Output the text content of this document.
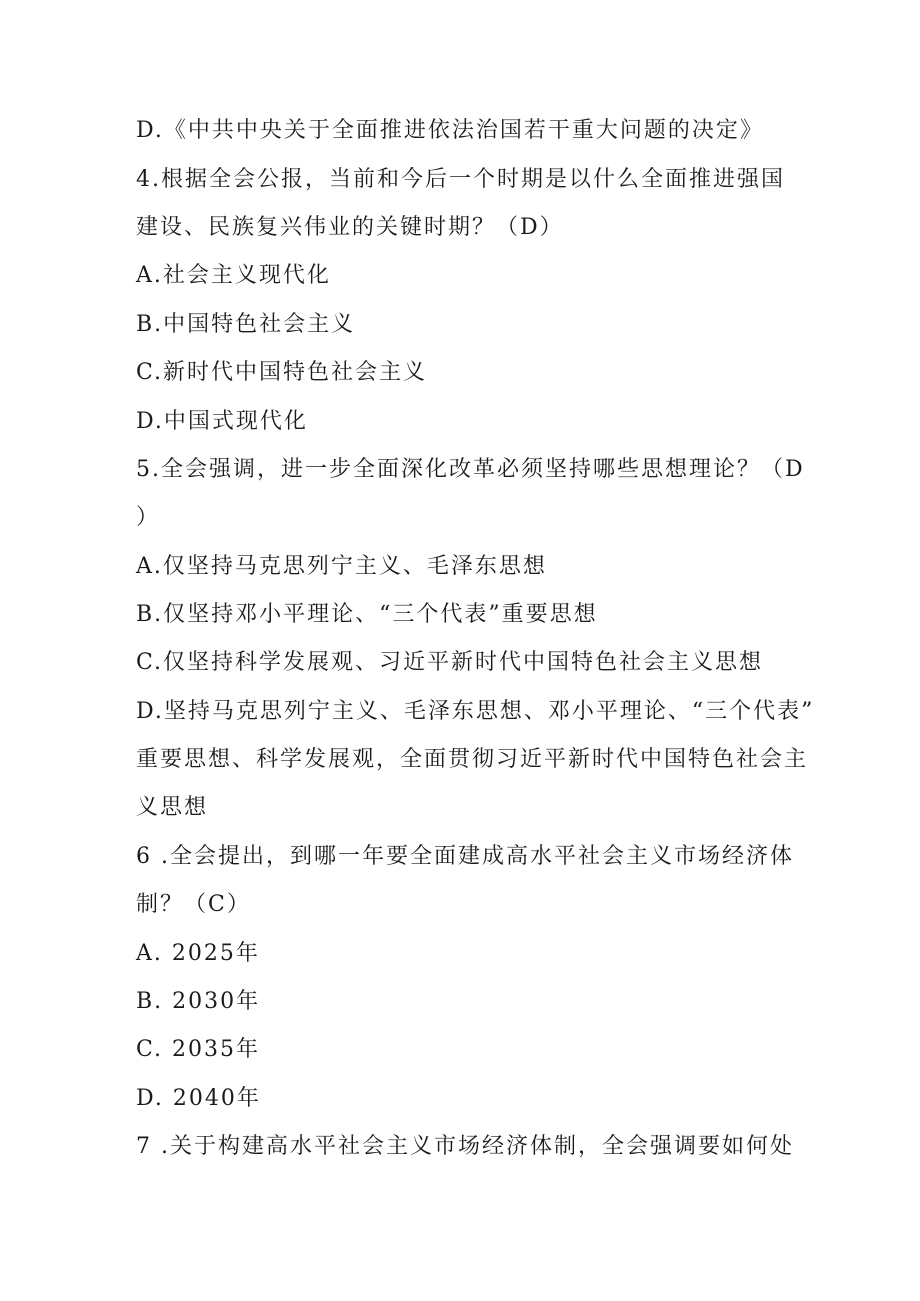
D.《中共中央关于全面推进依法治国若干重大问题的决定》
4.根据全会公报，当前和今后一个时期是以什么全面推进强国
建设、民族复兴伟业的关键时期？（D）
A.社会主义现代化
B.中国特色社会主义
C.新时代中国特色社会主义
D.中国式现代化
5.全会强调，进一步全面深化改革必须坚持哪些思想理论？（D
）
A.仅坚持马克思列宁主义、毛泽东思想
B.仅坚持邓小平理论、“三个代表”重要思想
C.仅坚持科学发展观、习近平新时代中国特色社会主义思想
D.坚持马克思列宁主义、毛泽东思想、邓小平理论、“三个代表”
重要思想、科学发展观，全面贯彻习近平新时代中国特色社会主
义思想
6 .全会提出，到哪一年要全面建成高水平社会主义市场经济体
制？（C）
A. 2025年
B. 2030年
C. 2035年
D. 2040年
7 .关于构建高水平社会主义市场经济体制，全会强调要如何处
